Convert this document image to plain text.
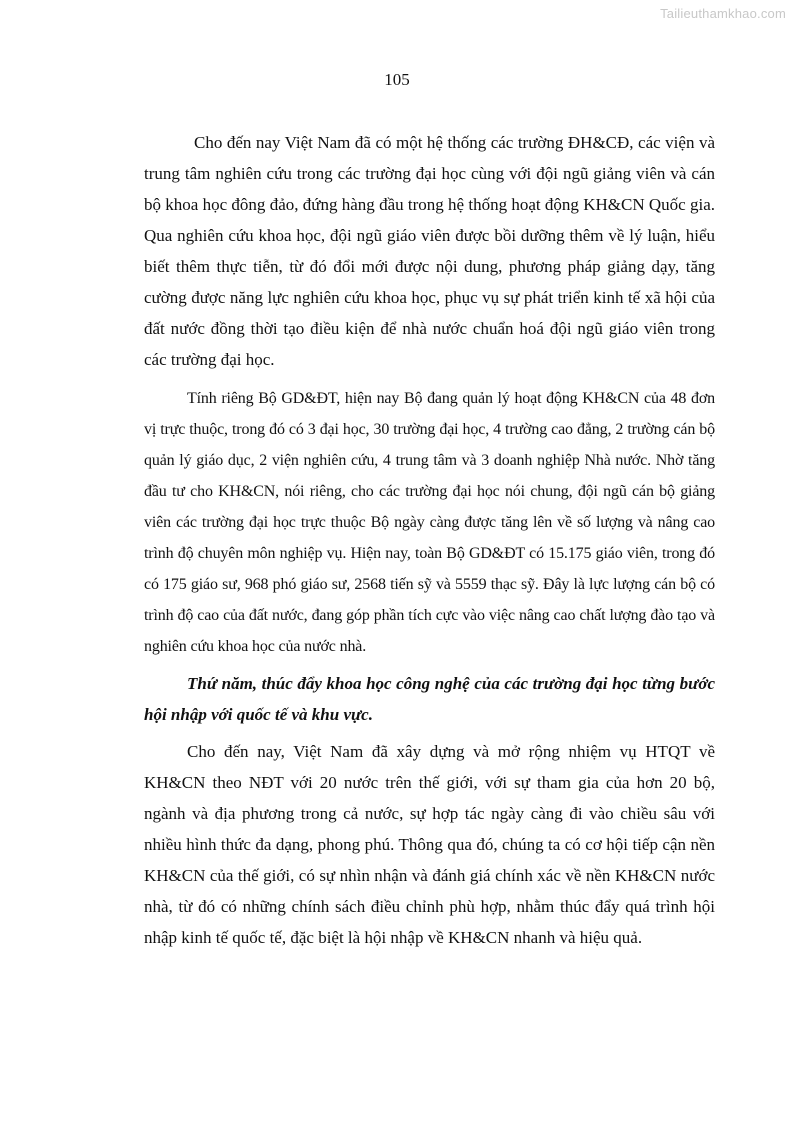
Tailieuthamkhao.com
105

Cho đến nay Việt Nam đã có một hệ thống các trường ĐH&CĐ, các viện và trung tâm nghiên cứu trong các trường đại học cùng với đội ngũ giảng viên và cán bộ khoa học đông đảo, đứng hàng đầu trong hệ thống hoạt động KH&CN Quốc gia. Qua nghiên cứu khoa học, đội ngũ giáo viên được bồi dưỡng thêm về lý luận, hiểu biết thêm thực tiễn, từ đó đổi mới được nội dung, phương pháp giảng dạy, tăng cường được năng lực nghiên cứu khoa học, phục vụ sự phát triển kinh tế xã hội của đất nước đồng thời tạo điều kiện để nhà nước chuẩn hoá đội ngũ giáo viên trong các trường đại học.

Tính riêng Bộ GD&ĐT, hiện nay Bộ đang quản lý hoạt động KH&CN của 48 đơn vị trực thuộc, trong đó có 3 đại học, 30 trường đại học, 4 trường cao đẳng, 2 trường cán bộ quản lý giáo dục, 2 viện nghiên cứu, 4 trung tâm và 3 doanh nghiệp Nhà nước. Nhờ tăng đầu tư cho KH&CN, nói riêng, cho các trường đại học nói chung, đội ngũ cán bộ giảng viên các trường đại học trực thuộc Bộ ngày càng được tăng lên về số lượng và nâng cao trình độ chuyên môn nghiệp vụ. Hiện nay, toàn Bộ GD&ĐT có 15.175 giáo viên, trong đó có 175 giáo sư, 968 phó giáo sư, 2568 tiến sỹ và 5559 thạc sỹ. Đây là lực lượng cán bộ có trình độ cao của đất nước, đang góp phần tích cực vào việc nâng cao chất lượng đào tạo và nghiên cứu khoa học của nước nhà.

Thứ năm, thúc đẩy khoa học công nghệ của các trường đại học từng bước hội nhập với quốc tế và khu vực.

Cho đến nay, Việt Nam đã xây dựng và mở rộng nhiệm vụ HTQT về KH&CN theo NĐT với 20 nước trên thế giới, với sự tham gia của hơn 20 bộ, ngành và địa phương trong cả nước, sự hợp tác ngày càng đi vào chiều sâu với nhiều hình thức đa dạng, phong phú. Thông qua đó, chúng ta có cơ hội tiếp cận nền KH&CN của thế giới, có sự nhìn nhận và đánh giá chính xác về nền KH&CN nước nhà, từ đó có những chính sách điều chỉnh phù hợp, nhằm thúc đẩy quá trình hội nhập kinh tế quốc tế, đặc biệt là hội nhập về KH&CN nhanh và hiệu quả.
